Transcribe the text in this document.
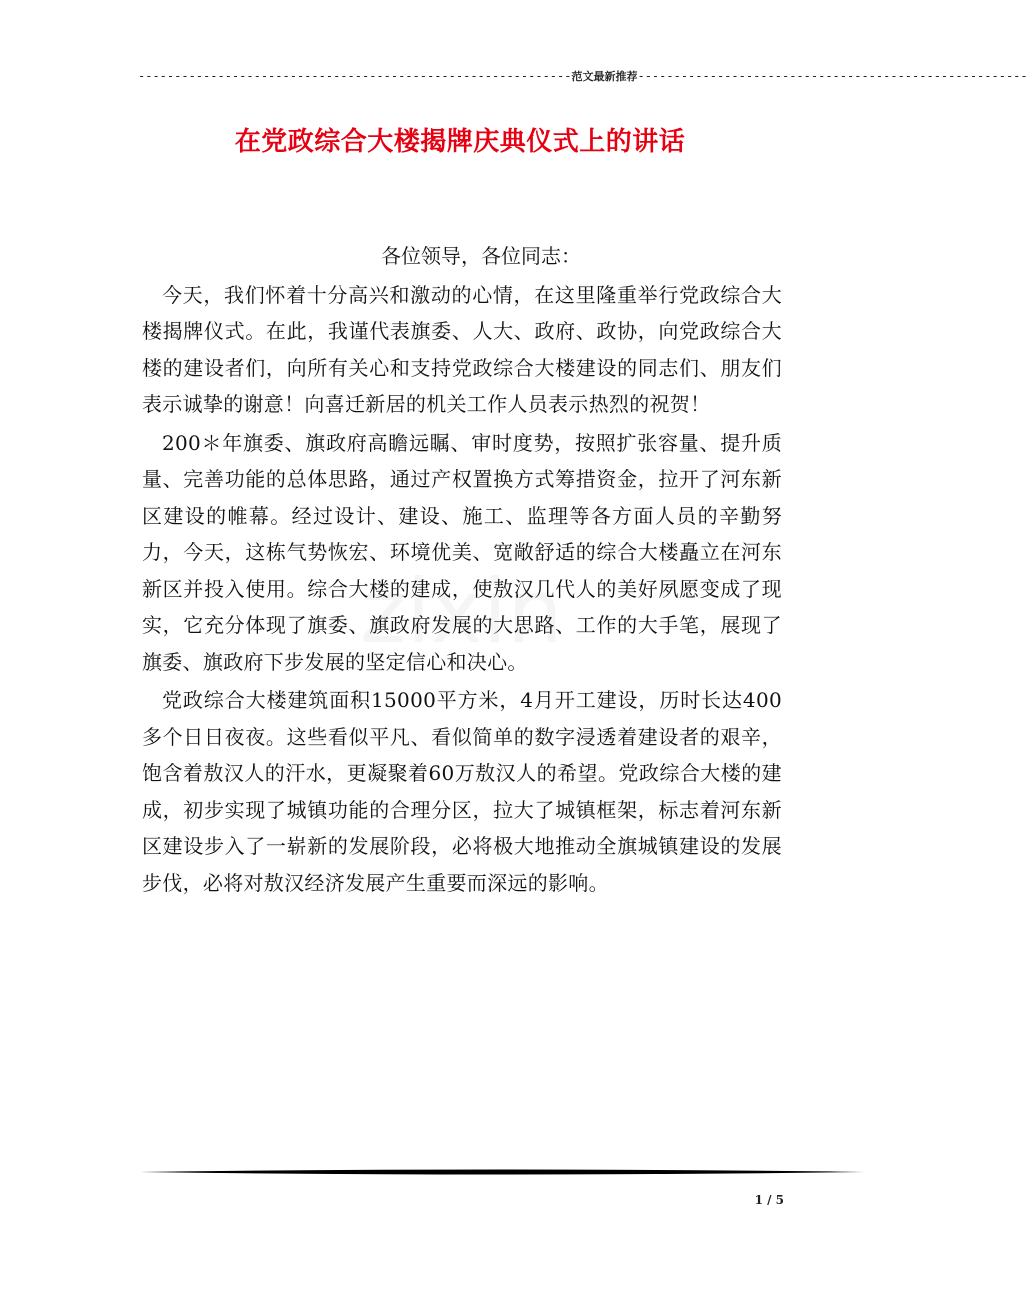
------------------------------------------------------------范文最新推荐------------------------------------------------------
在党政综合大楼揭牌庆典仪式上的讲话

各位领导，各位同志：

今天，我们怀着十分高兴和激动的心情，在这里隆重举行党政综合大楼揭牌仪式。在此，我谨代表旗委、人大、政府、政协，向党政综合大楼的建设者们，向所有关心和支持党政综合大楼建设的同志们、朋友们表示诚挚的谢意！向喜迁新居的机关工作人员表示热烈的祝贺！

200＊年旗委、旗政府高瞻远瞩、审时度势，按照扩张容量、提升质量、完善功能的总体思路，通过产权置换方式筹措资金，拉开了河东新区建设的帷幕。经过设计、建设、施工、监理等各方面人员的辛勤努力，今天，这栋气势恢宏、环境优美、宽敞舒适的综合大楼矗立在河东新区并投入使用。综合大楼的建成，使敖汉几代人的美好夙愿变成了现实，它充分体现了旗委、旗政府发展的大思路、工作的大手笔，展现了旗委、旗政府下步发展的坚定信心和决心。

党政综合大楼建筑面积15000平方米，4月开工建设，历时长达400多个日日夜夜。这些看似平凡、看似简单的数字浸透着建设者的艰辛，饱含着敖汉人的汗水，更凝聚着60万敖汉人的希望。党政综合大楼的建成，初步实现了城镇功能的合理分区，拉大了城镇框架，标志着河东新区建设步入了一崭新的发展阶段，必将极大地推动全旗城镇建设的发展步伐，必将对敖汉经济发展产生重要而深远的影响。

1 / 5
